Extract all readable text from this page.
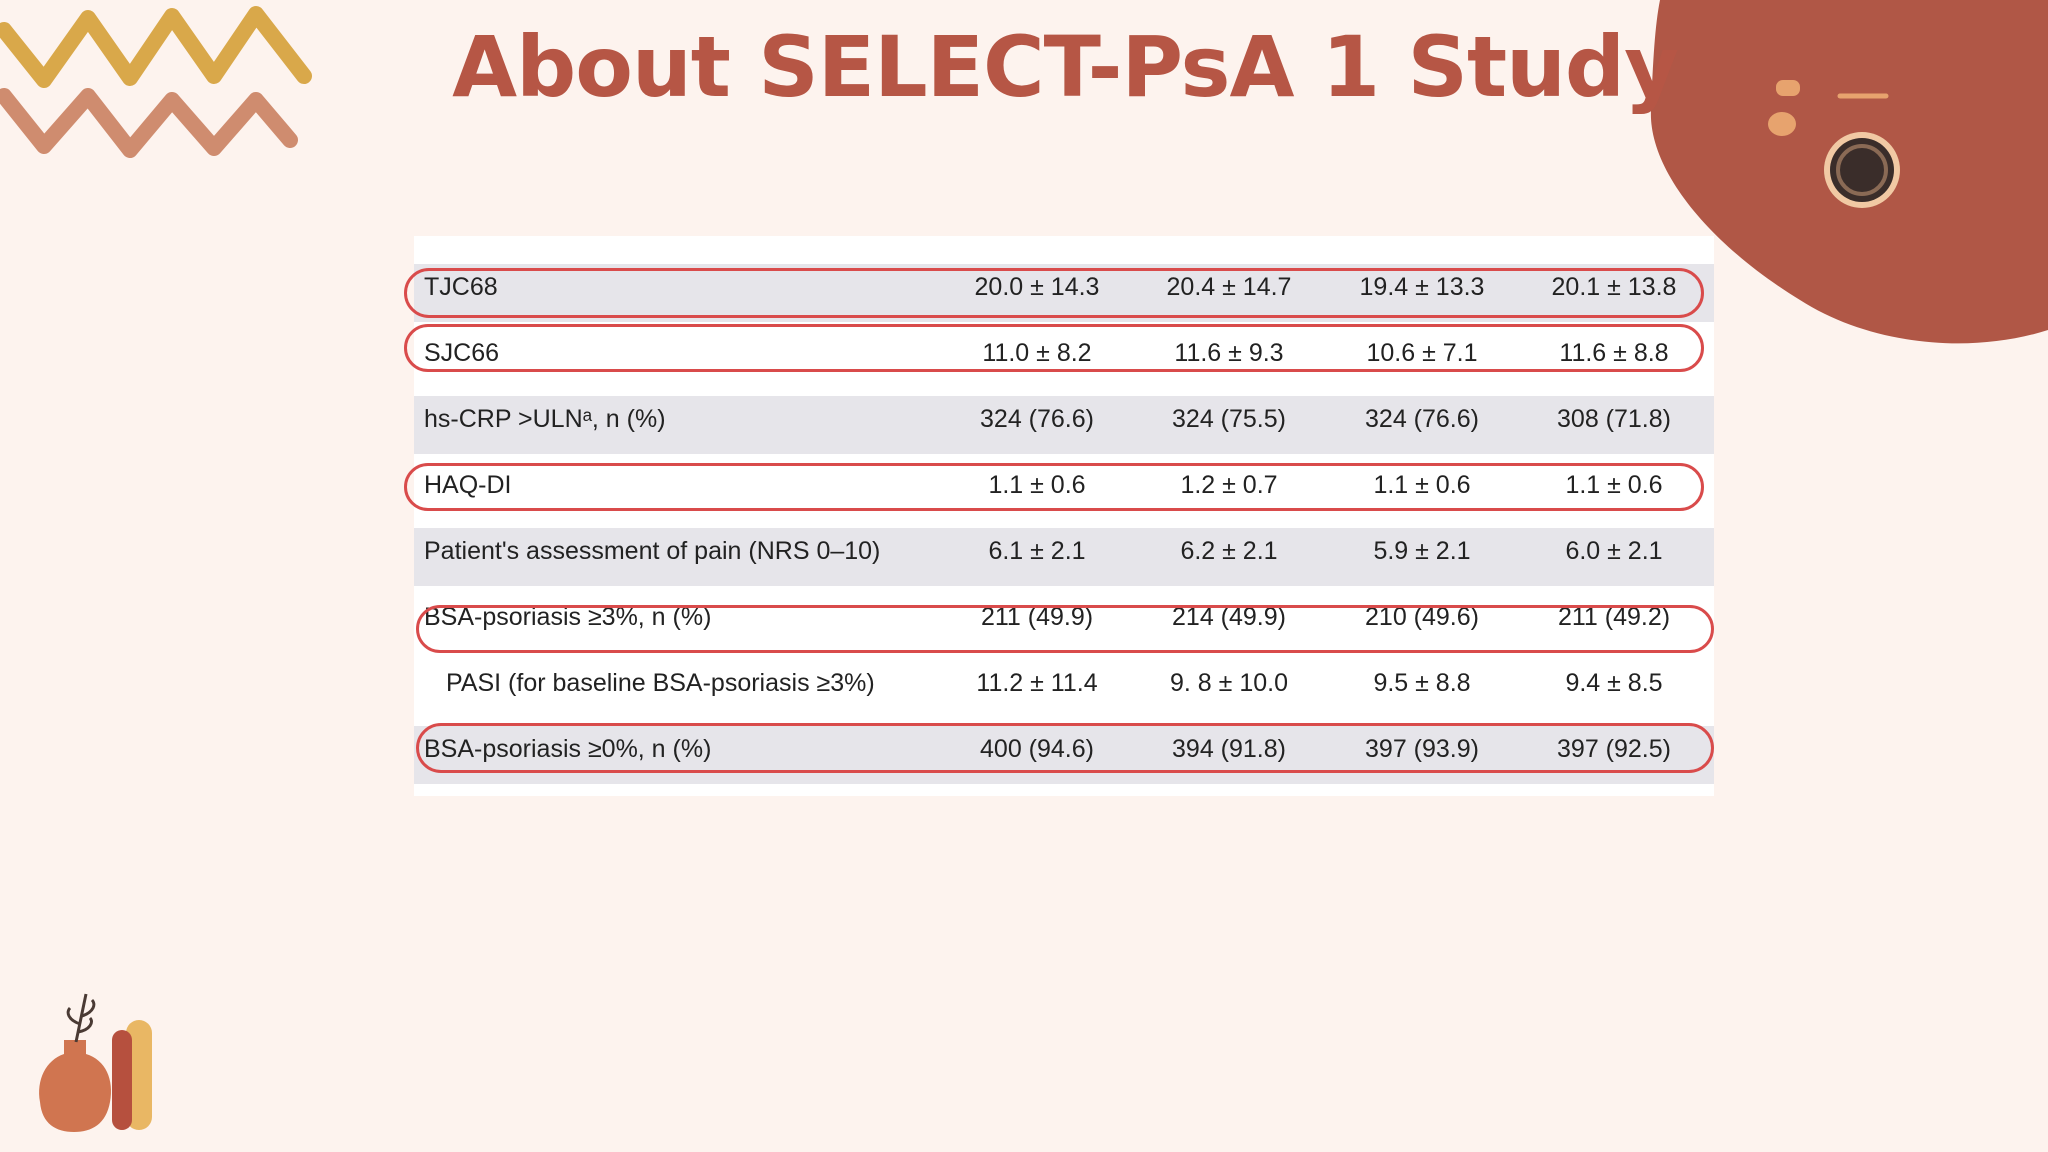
About SELECT-PsA 1 Study
TJC68	20.0 ± 14.3	20.4 ± 14.7	19.4 ± 13.3	20.1 ± 13.8
SJC66	11.0 ± 8.2	11.6 ± 9.3	10.6 ± 7.1	11.6 ± 8.8
hs-CRP >ULNᵃ, n (%)	324 (76.6)	324 (75.5)	324 (76.6)	308 (71.8)
HAQ-DI	1.1 ± 0.6	1.2 ± 0.7	1.1 ± 0.6	1.1 ± 0.6
Patient's assessment of pain (NRS 0–10)	6.1 ± 2.1	6.2 ± 2.1	5.9 ± 2.1	6.0 ± 2.1
BSA-psoriasis ≥3%, n (%)	211 (49.9)	214 (49.9)	210 (49.6)	211 (49.2)
PASI (for baseline BSA-psoriasis ≥3%)	11.2 ± 11.4	9. 8 ± 10.0	9.5 ± 8.8	9.4 ± 8.5
BSA-psoriasis ≥0%, n (%)	400 (94.6)	394 (91.8)	397 (93.9)	397 (92.5)
